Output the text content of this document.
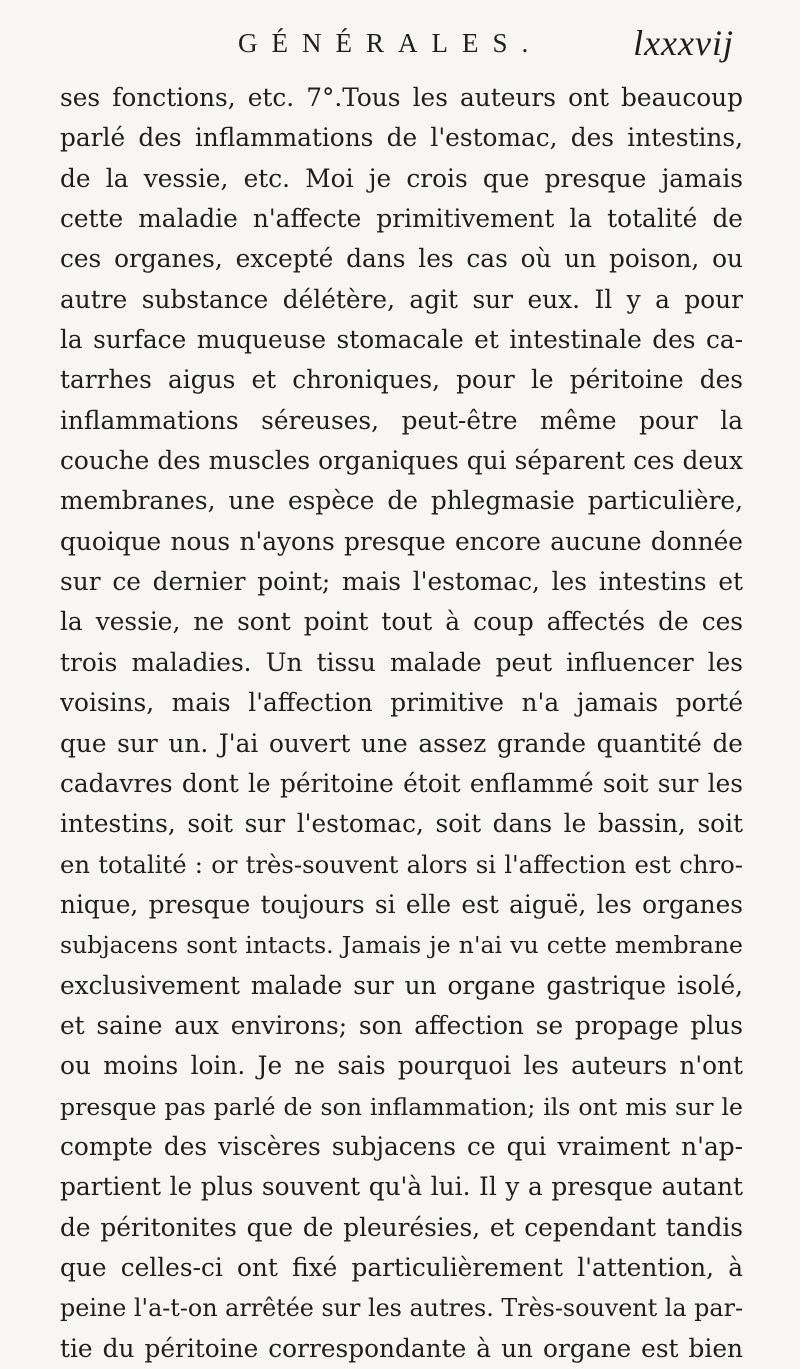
GÉNÉRALES.	lxxxvij
ses fonctions, etc. 7°.Tous les auteurs ont beaucoup
parlé des inflammations de l'estomac, des intestins,
de la vessie, etc. Moi je crois que presque jamais
cette maladie n'affecte primitivement la totalité de
ces organes, excepté dans les cas où un poison, ou
autre substance délétère, agit sur eux. Il y a pour
la surface muqueuse stomacale et intestinale des ca-
tarrhes aigus et chroniques, pour le péritoine des
inflammations séreuses, peut-être même pour la
couche des muscles organiques qui séparent ces deux
membranes, une espèce de phlegmasie particulière,
quoique nous n'ayons presque encore aucune donnée
sur ce dernier point; mais l'estomac, les intestins et
la vessie, ne sont point tout à coup affectés de ces
trois maladies. Un tissu malade peut influencer les
voisins, mais l'affection primitive n'a jamais porté
que sur un. J'ai ouvert une assez grande quantité de
cadavres dont le péritoine étoit enflammé soit sur les
intestins, soit sur l'estomac, soit dans le bassin, soit
en totalité : or très-souvent alors si l'affection est chro-
nique, presque toujours si elle est aiguë, les organes
subjacens sont intacts. Jamais je n'ai vu cette membrane
exclusivement malade sur un organe gastrique isolé,
et saine aux environs; son affection se propage plus
ou moins loin. Je ne sais pourquoi les auteurs n'ont
presque pas parlé de son inflammation; ils ont mis sur le
compte des viscères subjacens ce qui vraiment n'ap-
partient le plus souvent qu'à lui. Il y a presque autant
de péritonites que de pleurésies, et cependant tandis
que celles-ci ont fixé particulièrement l'attention, à
peine l'a-t-on arrêtée sur les autres. Très-souvent la par-
tie du péritoine correspondante à un organe est bien
